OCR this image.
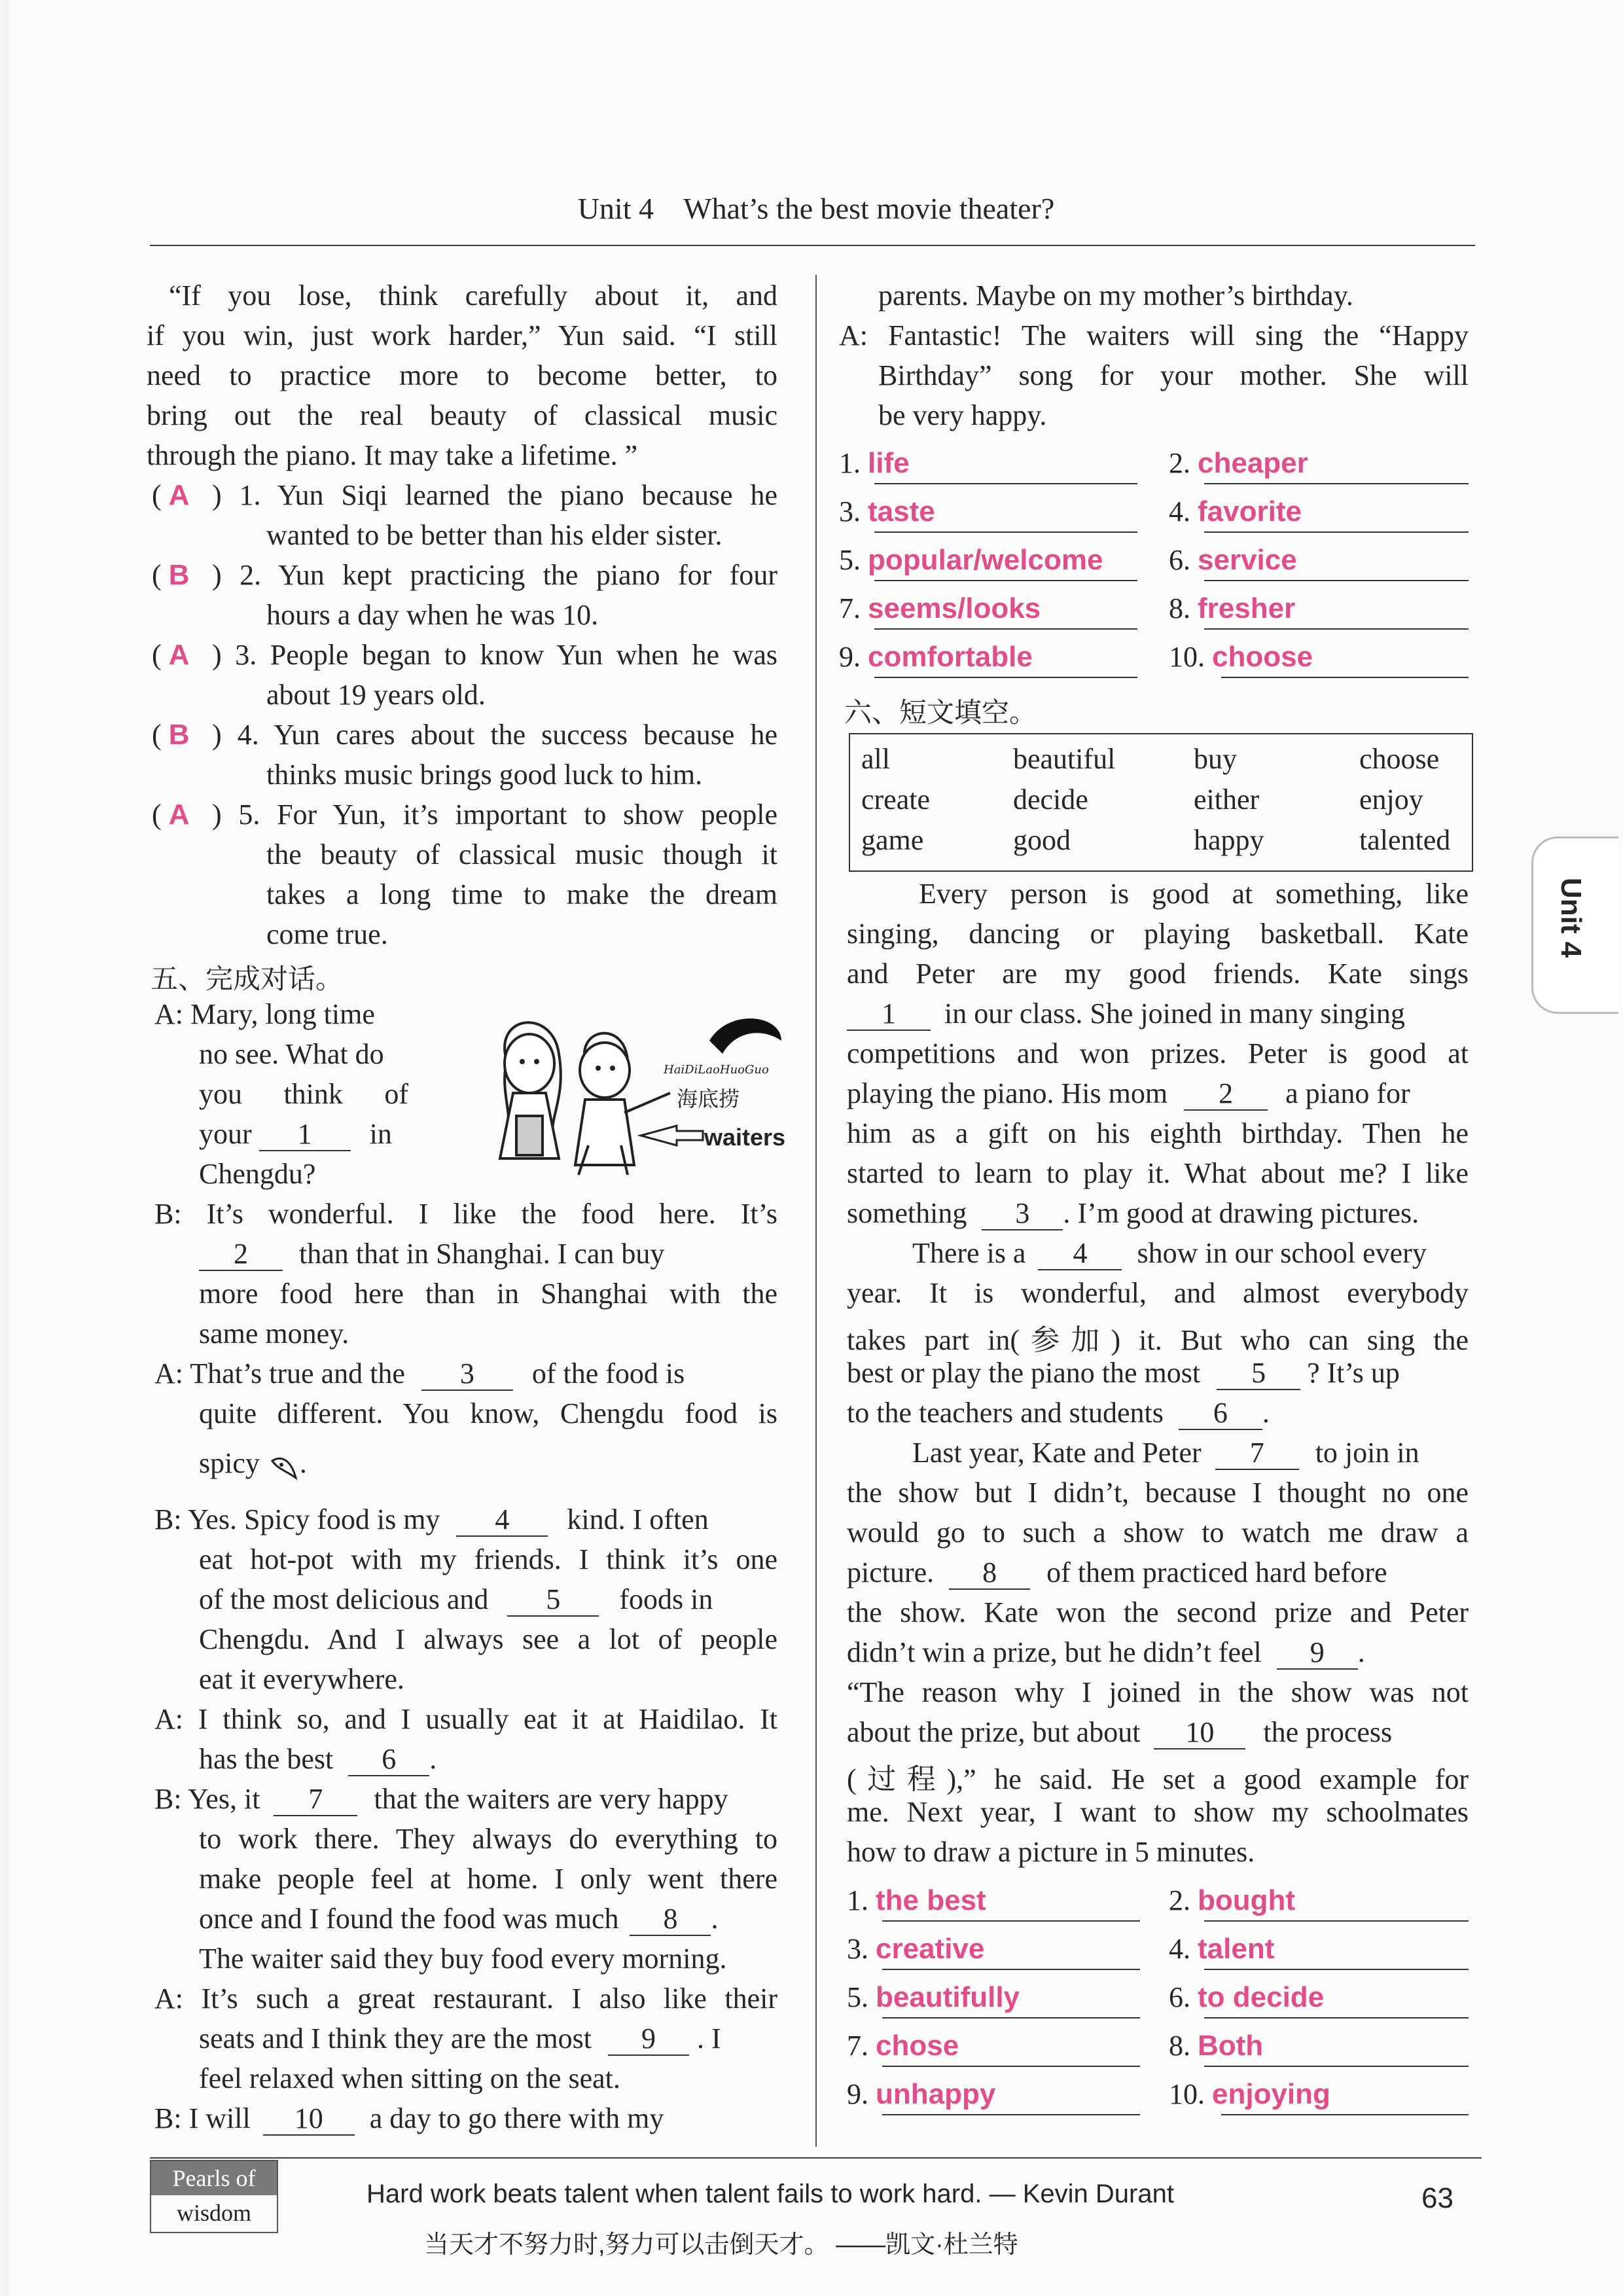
Unit 4 What’s the best movie theater?
Unit 4
“If you lose, think carefully about it, and
if you win, just work harder,” Yun said. “I still
need to practice more to become better, to
bring out the real beauty of classical music
through the piano. It may take a lifetime. ”
( A ) 1. Yun Siqi learned the piano because he
wanted to be better than his elder sister.
( B ) 2. Yun kept practicing the piano for four
hours a day when he was 10.
( A ) 3. People began to know Yun when he was
about 19 years old.
( B ) 4. Yun cares about the success because he
thinks music brings good luck to him.
( A ) 5. For Yun, it’s important to show people
the beauty of classical music though it
takes a long time to make the dream
come true.
五、完成对话。
A: Mary, long time
no see. What do
you think of
your 1 in
Chengdu?
HaiDiLaoHuoGuo
海底捞
waiters
B: It’s wonderful. I like the food here. It’s
2 than that in Shanghai. I can buy
more food here than in Shanghai with the
same money.
A: That’s true and the 3 of the food is
quite different. You know, Chengdu food is
spicy .
B: Yes. Spicy food is my 4 kind. I often
eat hot-pot with my friends. I think it’s one
of the most delicious and 5 foods in
Chengdu. And I always see a lot of people
eat it everywhere.
A: I think so, and I usually eat it at Haidilao. It
has the best 6 .
B: Yes, it 7 that the waiters are very happy
to work there. They always do everything to
make people feel at home. I only went there
once and I found the food was much 8 .
The waiter said they buy food every morning.
A: It’s such a great restaurant. I also like their
seats and I think they are the most 9 . I
feel relaxed when sitting on the seat.
B: I will 10 a day to go there with my
parents. Maybe on my mother’s birthday.
A: Fantastic! The waiters will sing the “Happy
Birthday” song for your mother. She will
be very happy.
1. life	2. cheaper
3. taste	4. favorite
5. popular/welcome 6. service
7. seems/looks	8. fresher
9. comfortable	10. choose
六、短文填空。
all	beautiful	buy	choose
create	decide	either	enjoy
game	good	happy	talented
Every person is good at something, like
singing, dancing or playing basketball. Kate
and Peter are my good friends. Kate sings
1 in our class. She joined in many singing
competitions and won prizes. Peter is good at
playing the piano. His mom 2 a piano for
him as a gift on his eighth birthday. Then he
started to learn to play it. What about me? I like
something 3 . I’m good at drawing pictures.
There is a 4 show in our school every
year. It is wonderful, and almost everybody
takes part in(参加) it. But who can sing the
best or play the piano the most 5 ? It’s up
to the teachers and students 6 .
Last year, Kate and Peter 7 to join in
the show but I didn’t, because I thought no one
would go to such a show to watch me draw a
picture. 8 of them practiced hard before
the show. Kate won the second prize and Peter
didn’t win a prize, but he didn’t feel 9 .
“The reason why I joined in the show was not
about the prize, but about 10 the process
(过程),” he said. He set a good example for
me. Next year, I want to show my schoolmates
how to draw a picture in 5 minutes.
1. the best	2. bought
3. creative	4. talent
5. beautifully	6. to decide
7. chose	8. Both
9. unhappy	10. enjoying
Pearls of
wisdom
Hard work beats talent when talent fails to work hard. — Kevin Durant
当天才不努力时,努力可以击倒天才。 ——凯文·杜兰特
63
